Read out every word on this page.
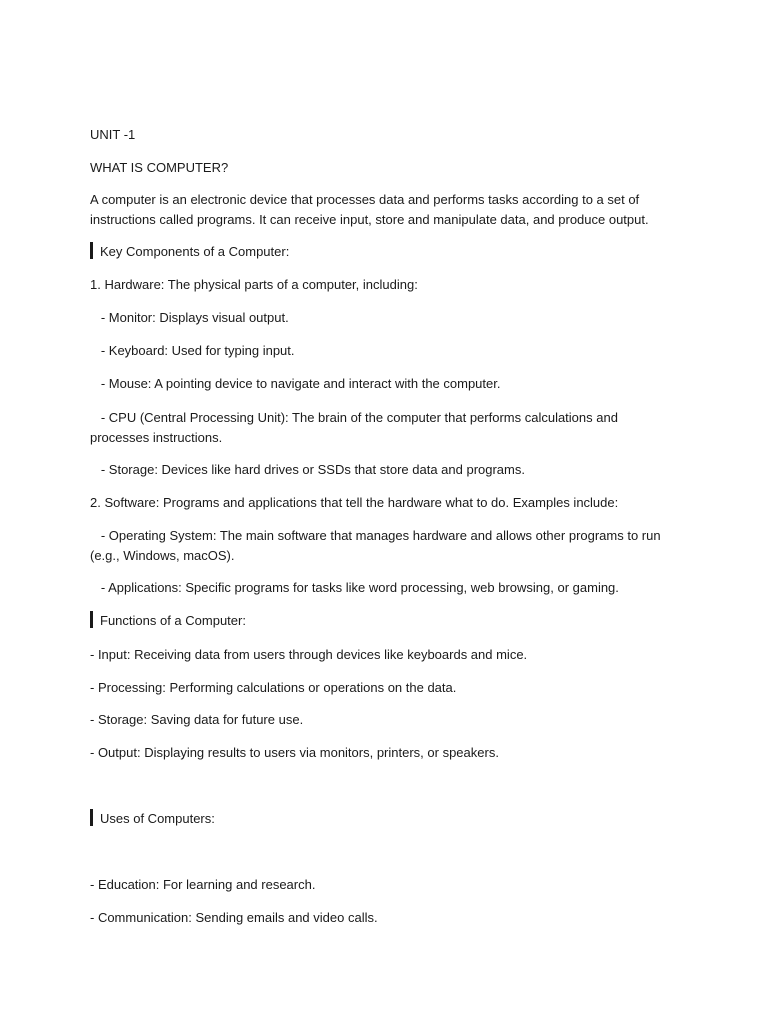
UNIT -1
WHAT IS COMPUTER?
A computer is an electronic device that processes data and performs tasks according to a set of instructions called programs. It can receive input, store and manipulate data, and produce output.
Key Components of a Computer:
1. Hardware: The physical parts of a computer, including:
- Monitor: Displays visual output.
- Keyboard: Used for typing input.
- Mouse: A pointing device to navigate and interact with the computer.
- CPU (Central Processing Unit): The brain of the computer that performs calculations and processes instructions.
- Storage: Devices like hard drives or SSDs that store data and programs.
2. Software: Programs and applications that tell the hardware what to do. Examples include:
- Operating System: The main software that manages hardware and allows other programs to run (e.g., Windows, macOS).
- Applications: Specific programs for tasks like word processing, web browsing, or gaming.
Functions of a Computer:
- Input: Receiving data from users through devices like keyboards and mice.
- Processing: Performing calculations or operations on the data.
- Storage: Saving data for future use.
- Output: Displaying results to users via monitors, printers, or speakers.
Uses of Computers:
- Education: For learning and research.
- Communication: Sending emails and video calls.
